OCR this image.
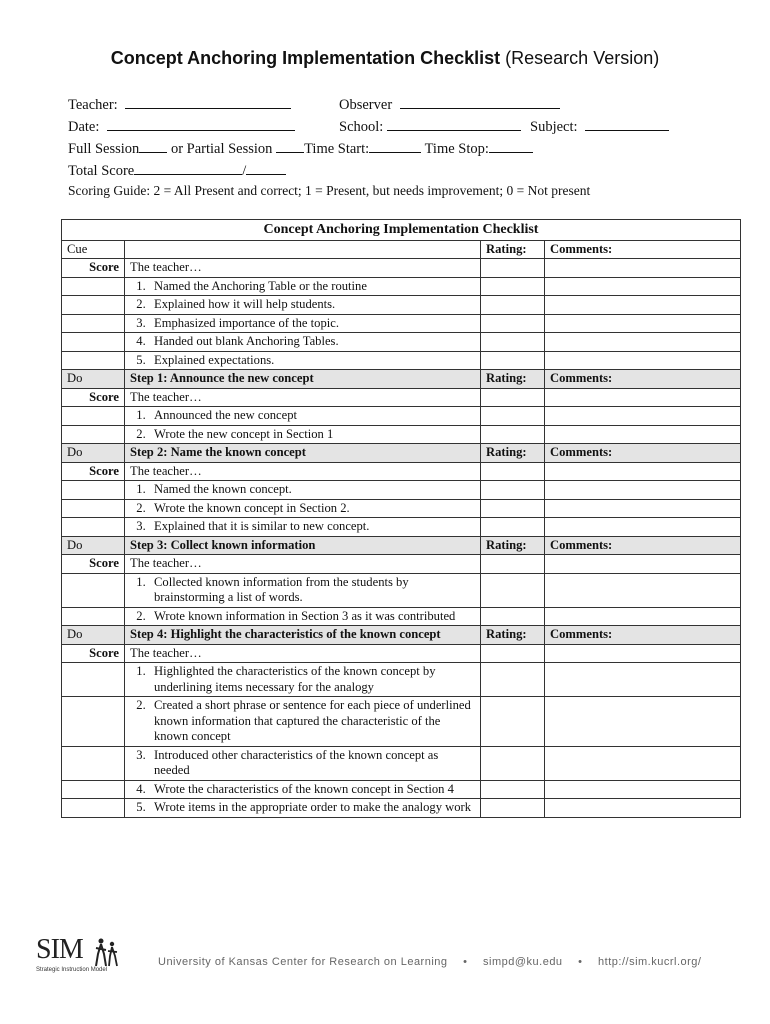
Concept Anchoring Implementation Checklist (Research Version)
Teacher:	Observer
Date:	School:	Subject:
Full Session or Partial Session Time Start:	Time Stop:
Total Score	/
Scoring Guide: 2 = All Present and correct; 1 = Present, but needs improvement; 0 = Not present
Concept Anchoring Implementation Checklist			
Cue		Rating:	Comments:
Score	The teacher…		

	1. Named the Anchoring Table or the routine		

	2. Explained how it will help students.		

	3. Emphasized importance of the topic.		

	4. Handed out blank Anchoring Tables.		

	5. Explained expectations.		

Do	Step 1: Announce the new concept	Rating:	Comments:
Score	The teacher…		

	1. Announced the new concept		

	2. Wrote the new concept in Section 1		

Do	Step 2: Name the known concept	Rating:	Comments:
Score	The teacher…		

	1. Named the known concept.		

	2. Wrote the known concept in Section 2.		

	3. Explained that it is similar to new concept.		

Do	Step 3: Collect known information	Rating:	Comments:
Score	The teacher…		

	1. Collected known information from the students by brainstorming a list of words.		

	2. Wrote known information in Section 3 as it was contributed		

Do	Step 4: Highlight the characteristics of the known concept	Rating:	Comments:
Score	The teacher…		

	1. Highlighted the characteristics of the known concept by underlining items necessary for the analogy		

	2. Created a short phrase or sentence for each piece of underlined known information that captured the characteristic of the known concept		

	3. Introduced other characteristics of the known concept as needed		

	4. Wrote the characteristics of the known concept in Section 4		

	5. Wrote items in the appropriate order to make the analogy work		

SIM
Strategic Instruction Model
University of Kansas Center for Research on Learning • simpd@ku.edu • http://sim.kucrl.org/
